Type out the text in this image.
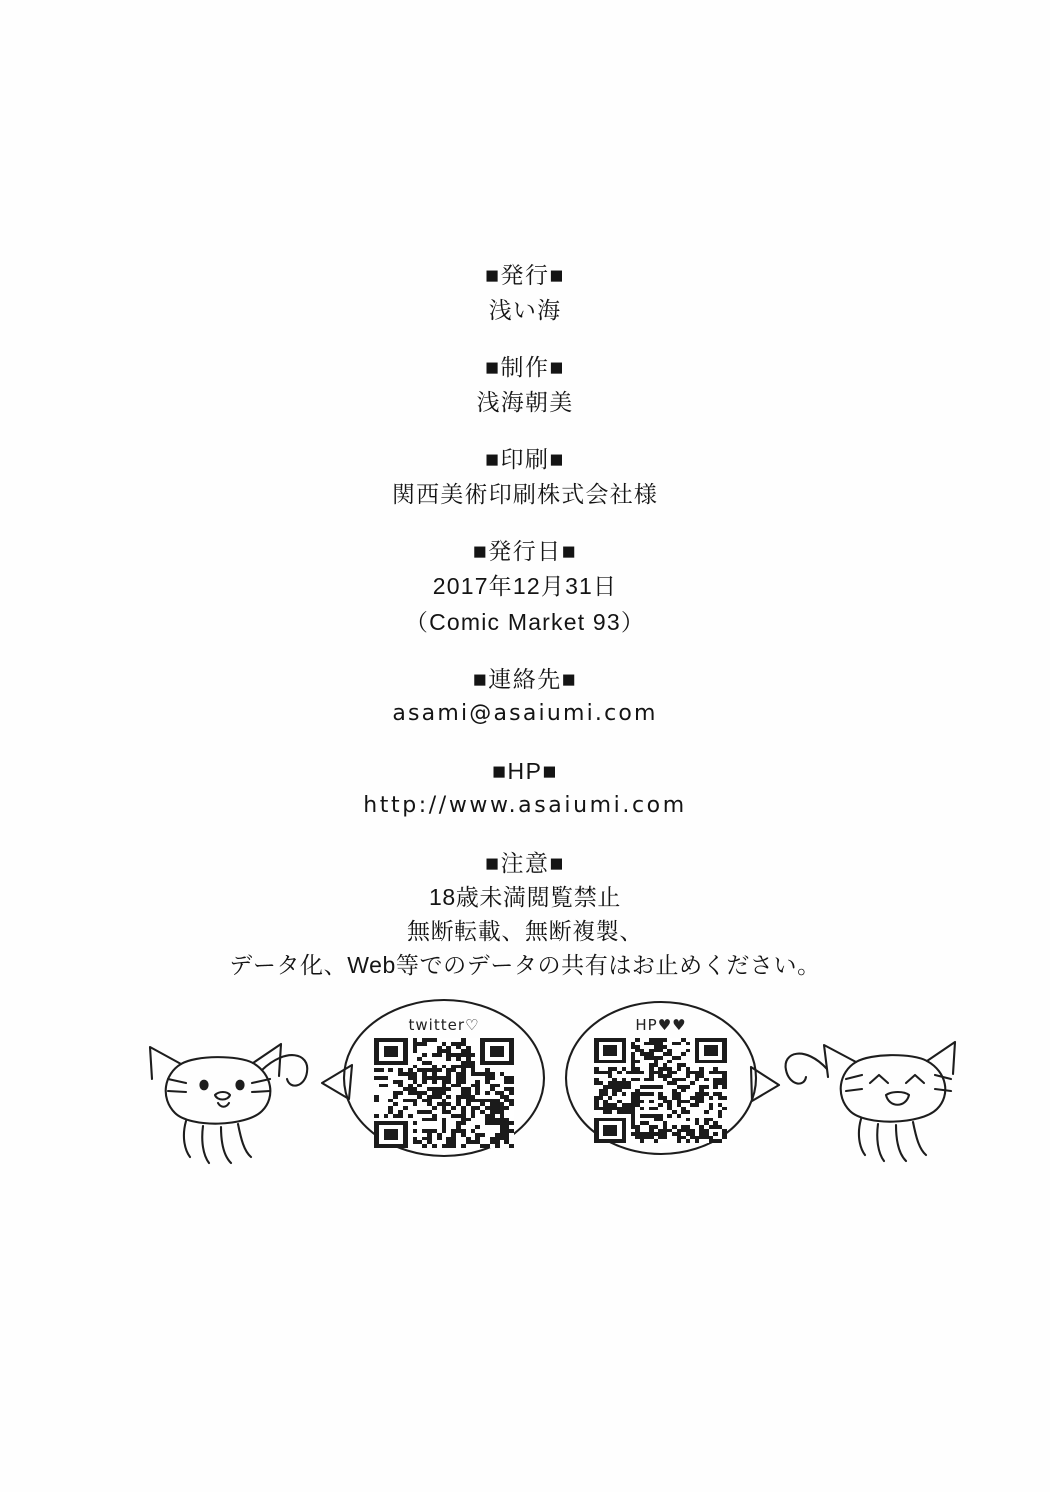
■発行■
浅い海
■制作■
浅海朝美
■印刷■
関西美術印刷株式会社様
■発行日■
2017年12月31日
（Comic Market 93）
■連絡先■
asami@asaiumi.com
■HP■
http://www.asaiumi.com
■注意■
18歳未満閲覧禁止
無断転載、無断複製、
データ化、Web等でのデータの共有はお止めください。
twitter♡	HP♥♥
